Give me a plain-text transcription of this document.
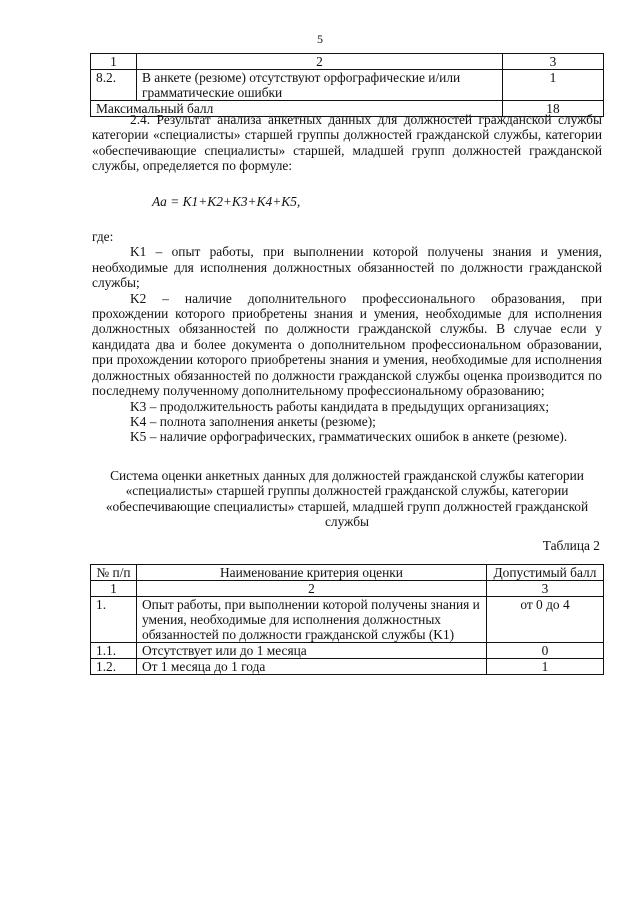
5
1	2	3
8.2.	В анкете (резюме) отсутствуют орфографические и/или грамматические ошибки	1
Максимальный балл		18

2.4. Результат анализа анкетных данных для должностей гражданской службы категории «специалисты» старшей группы должностей гражданской службы, категории «обеспечивающие специалисты» старшей, младшей групп должностей гражданской службы, определяется по формуле:

Aa = K1+K2+K3+K4+K5,

где:

K1 – опыт работы, при выполнении которой получены знания и умения, необходимые для исполнения должностных обязанностей по должности гражданской службы;

K2 – наличие дополнительного профессионального образования, при прохождении которого приобретены знания и умения, необходимые для исполнения должностных обязанностей по должности гражданской службы. В случае если у кандидата два и более документа о дополнительном профессиональном образовании, при прохождении которого приобретены знания и умения, необходимые для исполнения должностных обязанностей по должности гражданской службы оценка производится по последнему полученному дополнительному профессиональному образованию;

K3 – продолжительность работы кандидата в предыдущих организациях;

K4 – полнота заполнения анкеты (резюме);

K5 – наличие орфографических, грамматических ошибок в анкете (резюме).

Система оценки анкетных данных для должностей гражданской службы категории «специалисты» старшей группы должностей гражданской службы, категории «обеспечивающие специалисты» старшей, младшей групп должностей гражданской службы
Таблица 2
№ п/п	Наименование критерия оценки	Допустимый балл
1	2	3
1.	Опыт работы, при выполнении которой получены знания и умения, необходимые для исполнения должностных обязанностей по должности гражданской службы (K1)	от 0 до 4
1.1.	Отсутствует или до 1 месяца	0
1.2.	От 1 месяца до 1 года	1
